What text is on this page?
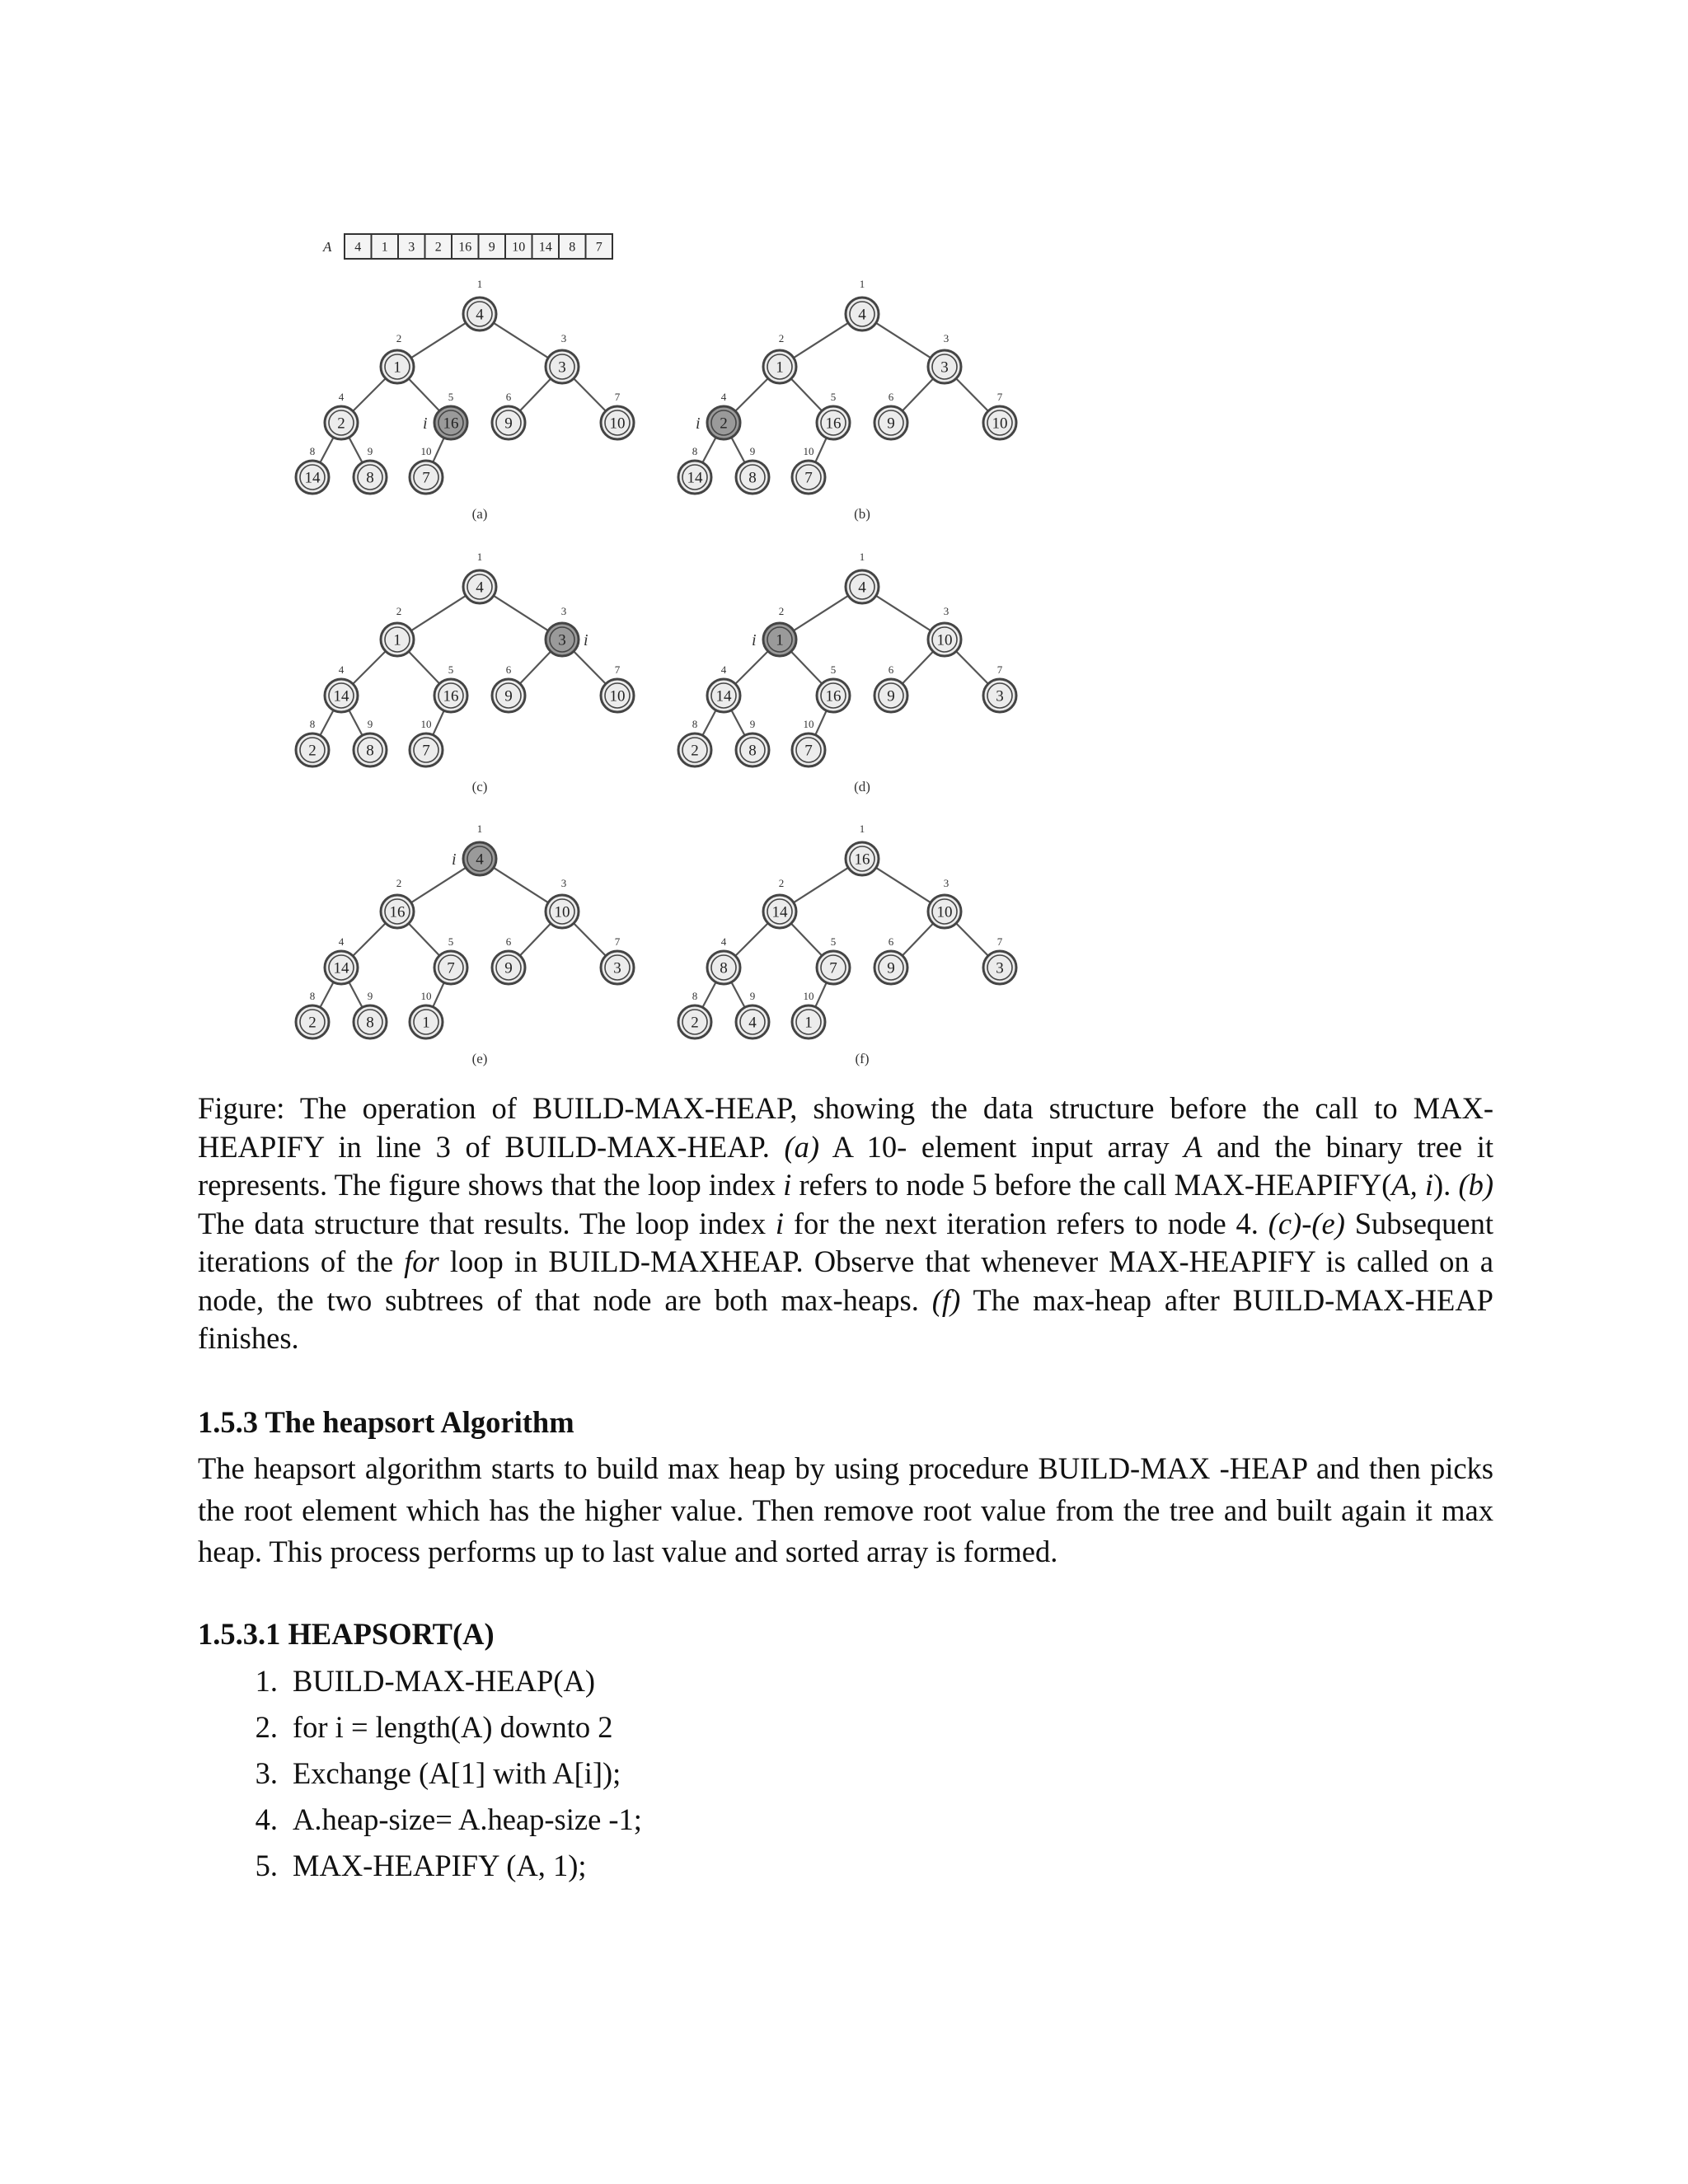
A 4 1 3 2 16 9 10 14 8 7
4
1
1
2
3
3
2
4
16
5
9
6
10
7
14
8
8
9
7
10
i
(a)
4
1
1
2
3
3
2
4
16
5
9
6
10
7
14
8
8
9
7
10
i
(b)
4
1
1
2
3
3
14
4
16
5
9
6
10
7
2
8
8
9
7
10
i
(c)
4
1
1
2
10
3
14
4
16
5
9
6
3
7
2
8
8
9
7
10
i
(d)
4
1
16
2
10
3
14
4
7
5
9
6
3
7
2
8
8
9
1
10
i
(e)
16
1
14
2
10
3
8
4
7
5
9
6
3
7
2
8
4
9
1
10
(f)

Figure: The operation of BUILD-MAX-HEAP, showing the data structure before the call to MAX-HEAPIFY in line 3 of BUILD-MAX-HEAP. (a) A 10- element input array A and the binary tree it represents. The figure shows that the loop index i refers to node 5 before the call MAX-HEAPIFY(A, i). (b) The data structure that results. The loop index i for the next iteration refers to node 4. (c)-(e) Subsequent iterations of the for loop in BUILD-MAXHEAP. Observe that whenever MAX-HEAPIFY is called on a node, the two subtrees of that node are both max-heaps. (f) The max-heap after BUILD-MAX-HEAP finishes.

1.5.3 The heapsort Algorithm

The heapsort algorithm starts to build max heap by using procedure BUILD-MAX -HEAP and then picks the root element which has the higher value. Then remove root value from the tree and built again it max heap. This process performs up to last value and sorted array is formed.

1.5.3.1 HEAPSORT(A)
1. BUILD-MAX-HEAP(A)
2. for i = length(A) downto 2
3. Exchange (A[1] with A[i]);
4. A.heap-size= A.heap-size -1;
5. MAX-HEAPIFY (A, 1);
